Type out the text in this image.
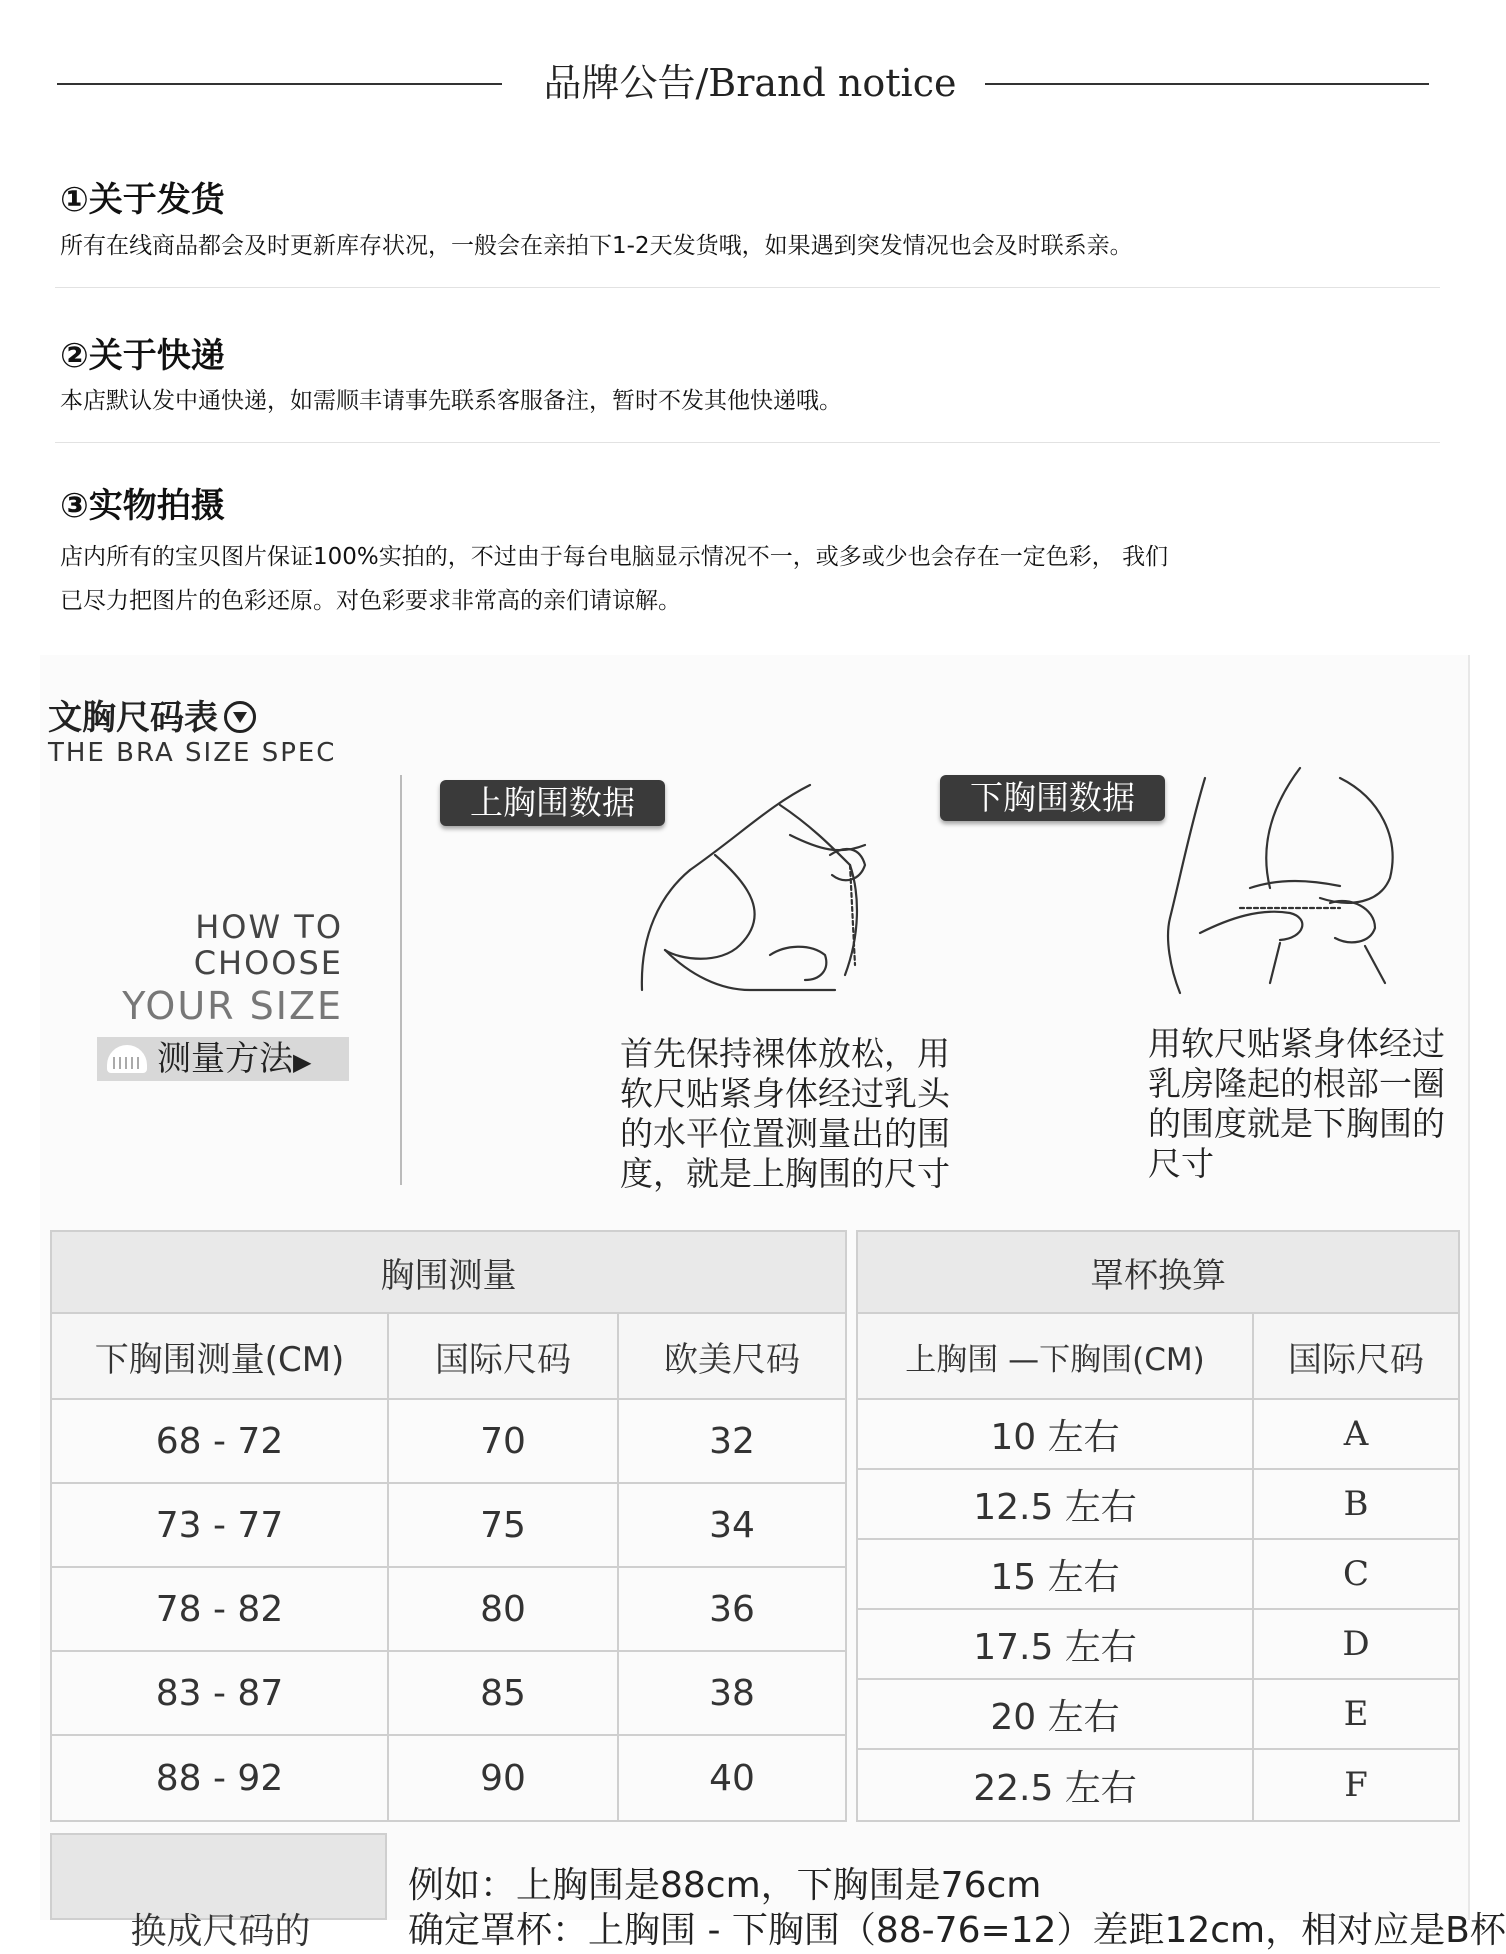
品牌公告/Brand notice
①关于发货
所有在线商品都会及时更新库存状况，一般会在亲拍下1-2天发货哦，如果遇到突发情况也会及时联系亲。
②关于快递
本店默认发中通快递，如需顺丰请事先联系客服备注，暂时不发其他快递哦。
③实物拍摄
店内所有的宝贝图片保证100%实拍的，不过由于每台电脑显示情况不一，或多或少也会存在一定色彩， 我们
已尽力把图片的色彩还原。对色彩要求非常高的亲们请谅解。
文胸尺码表
THE BRA SIZE SPEC
HOW TO
CHOOSE
YOUR SIZE
测量方法▶
上胸围数据	下胸围数据
首先保持裸体放松，用
软尺贴紧身体经过乳头
的水平位置测量出的围
度，就是上胸围的尺寸
用软尺贴紧身体经过
乳房隆起的根部一圈
的围度就是下胸围的
尺寸
胸围测量		
下胸围测量(CM)	国际尺码	欧美尺码
68 - 72	70	32
73 - 77	75	34
78 - 82	80	36
83 - 87	85	38
88 - 92	90	40
罩杯换算	
上胸围 —下胸围(CM)	国际尺码
10 左右	A
12.5 左右	B
15 左右	C
17.5 左右	D
20 左右	E
22.5 左右	F
换成尺码的
例如：上胸围是88cm，下胸围是76cm
确定罩杯：上胸围 - 下胸围（88-76=12）差距12cm，相对应是B杯
